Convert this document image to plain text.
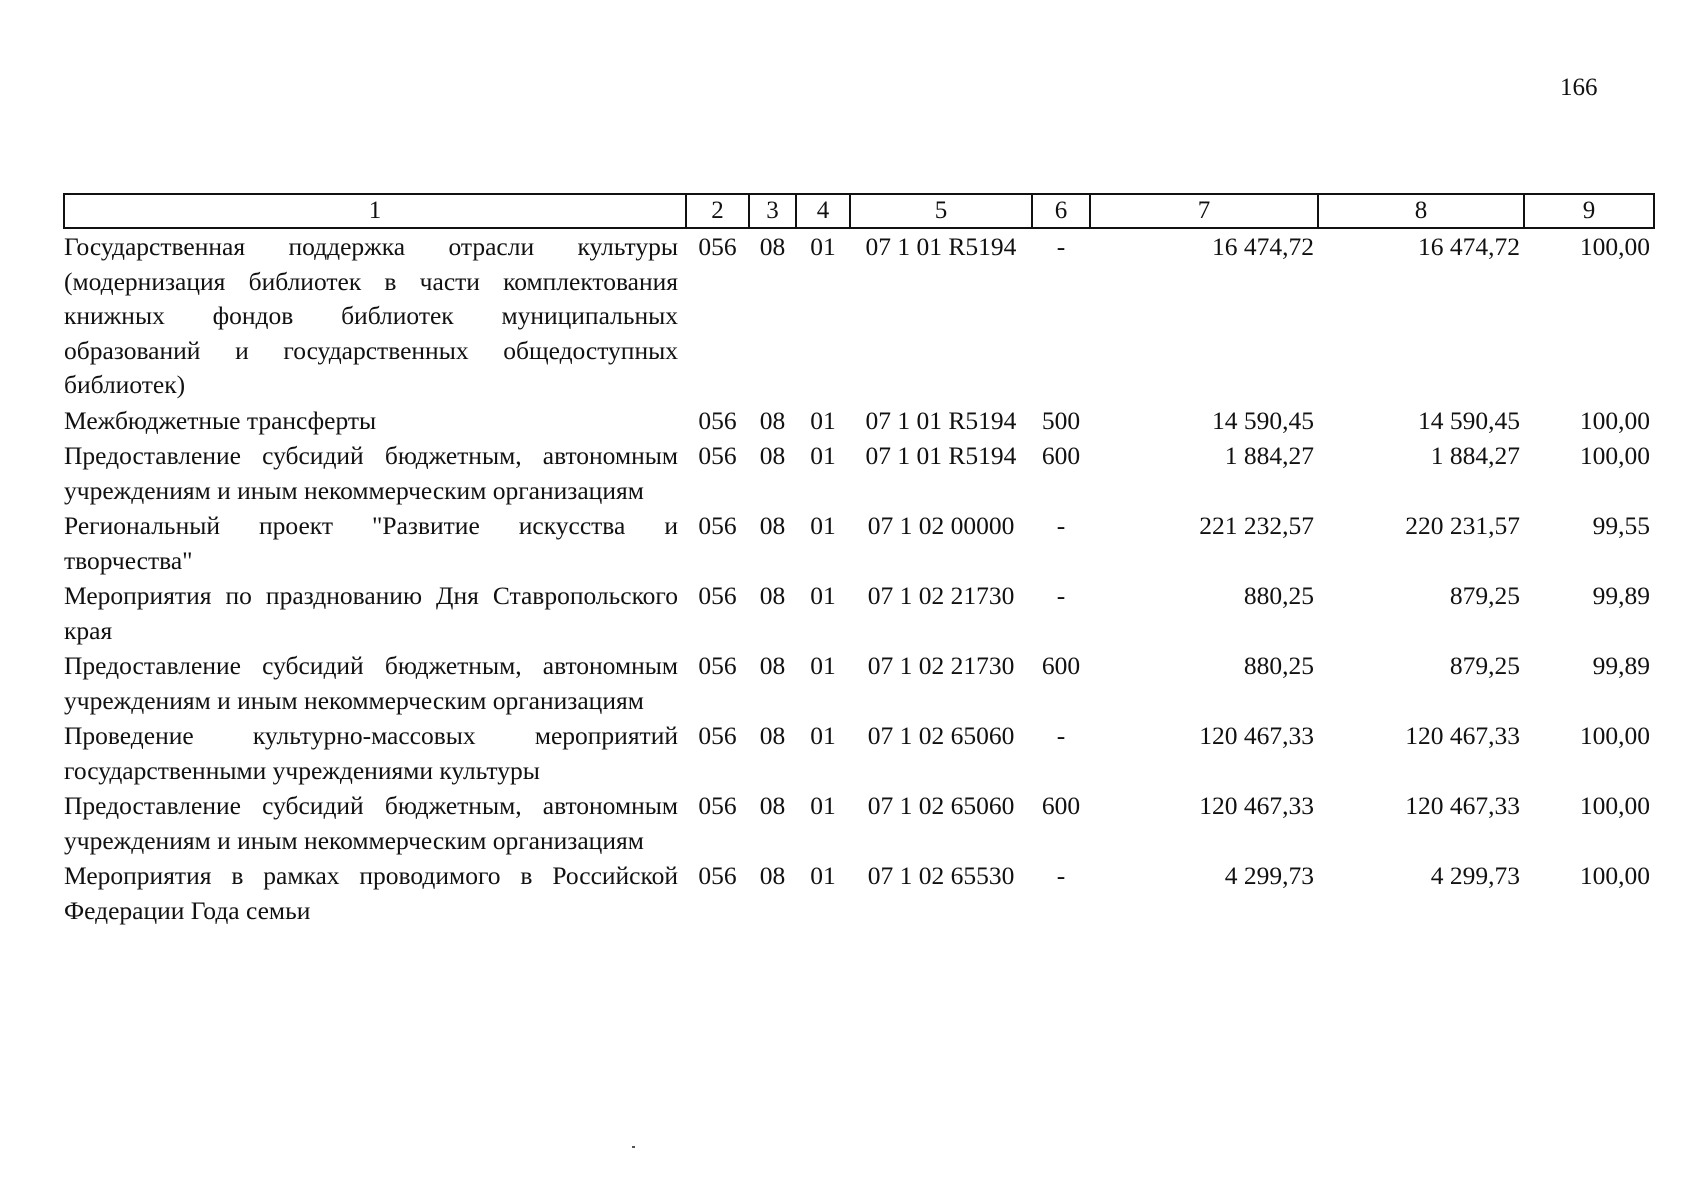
166
1	2	3	4	5	6	7	8	9
Государственная поддержка отрасли культуры (модернизация библиотек в части комплектования книжных фондов библиотек муниципальных образований и государственных общедоступных библиотек)	056	08	01	07 1 01 R5194	-	16 474,72	16 474,72	100,00
Межбюджетные трансферты	056	08	01	07 1 01 R5194	500	14 590,45	14 590,45	100,00
Предоставление субсидий бюджетным, автономным учреждениям и иным некоммерческим организациям	056	08	01	07 1 01 R5194	600	1 884,27	1 884,27	100,00
Региональный проект "Развитие искусства и творчества"	056	08	01	07 1 02 00000	-	221 232,57	220 231,57	99,55
Мероприятия по празднованию Дня Ставропольского края	056	08	01	07 1 02 21730	-	880,25	879,25	99,89
Предоставление субсидий бюджетным, автономным учреждениям и иным некоммерческим организациям	056	08	01	07 1 02 21730	600	880,25	879,25	99,89
Проведение культурно-массовых мероприятий государственными учреждениями культуры	056	08	01	07 1 02 65060	-	120 467,33	120 467,33	100,00
Предоставление субсидий бюджетным, автономным учреждениям и иным некоммерческим организациям	056	08	01	07 1 02 65060	600	120 467,33	120 467,33	100,00
Мероприятия в рамках проводимого в Российской Федерации Года семьи	056	08	01	07 1 02 65530	-	4 299,73	4 299,73	100,00
